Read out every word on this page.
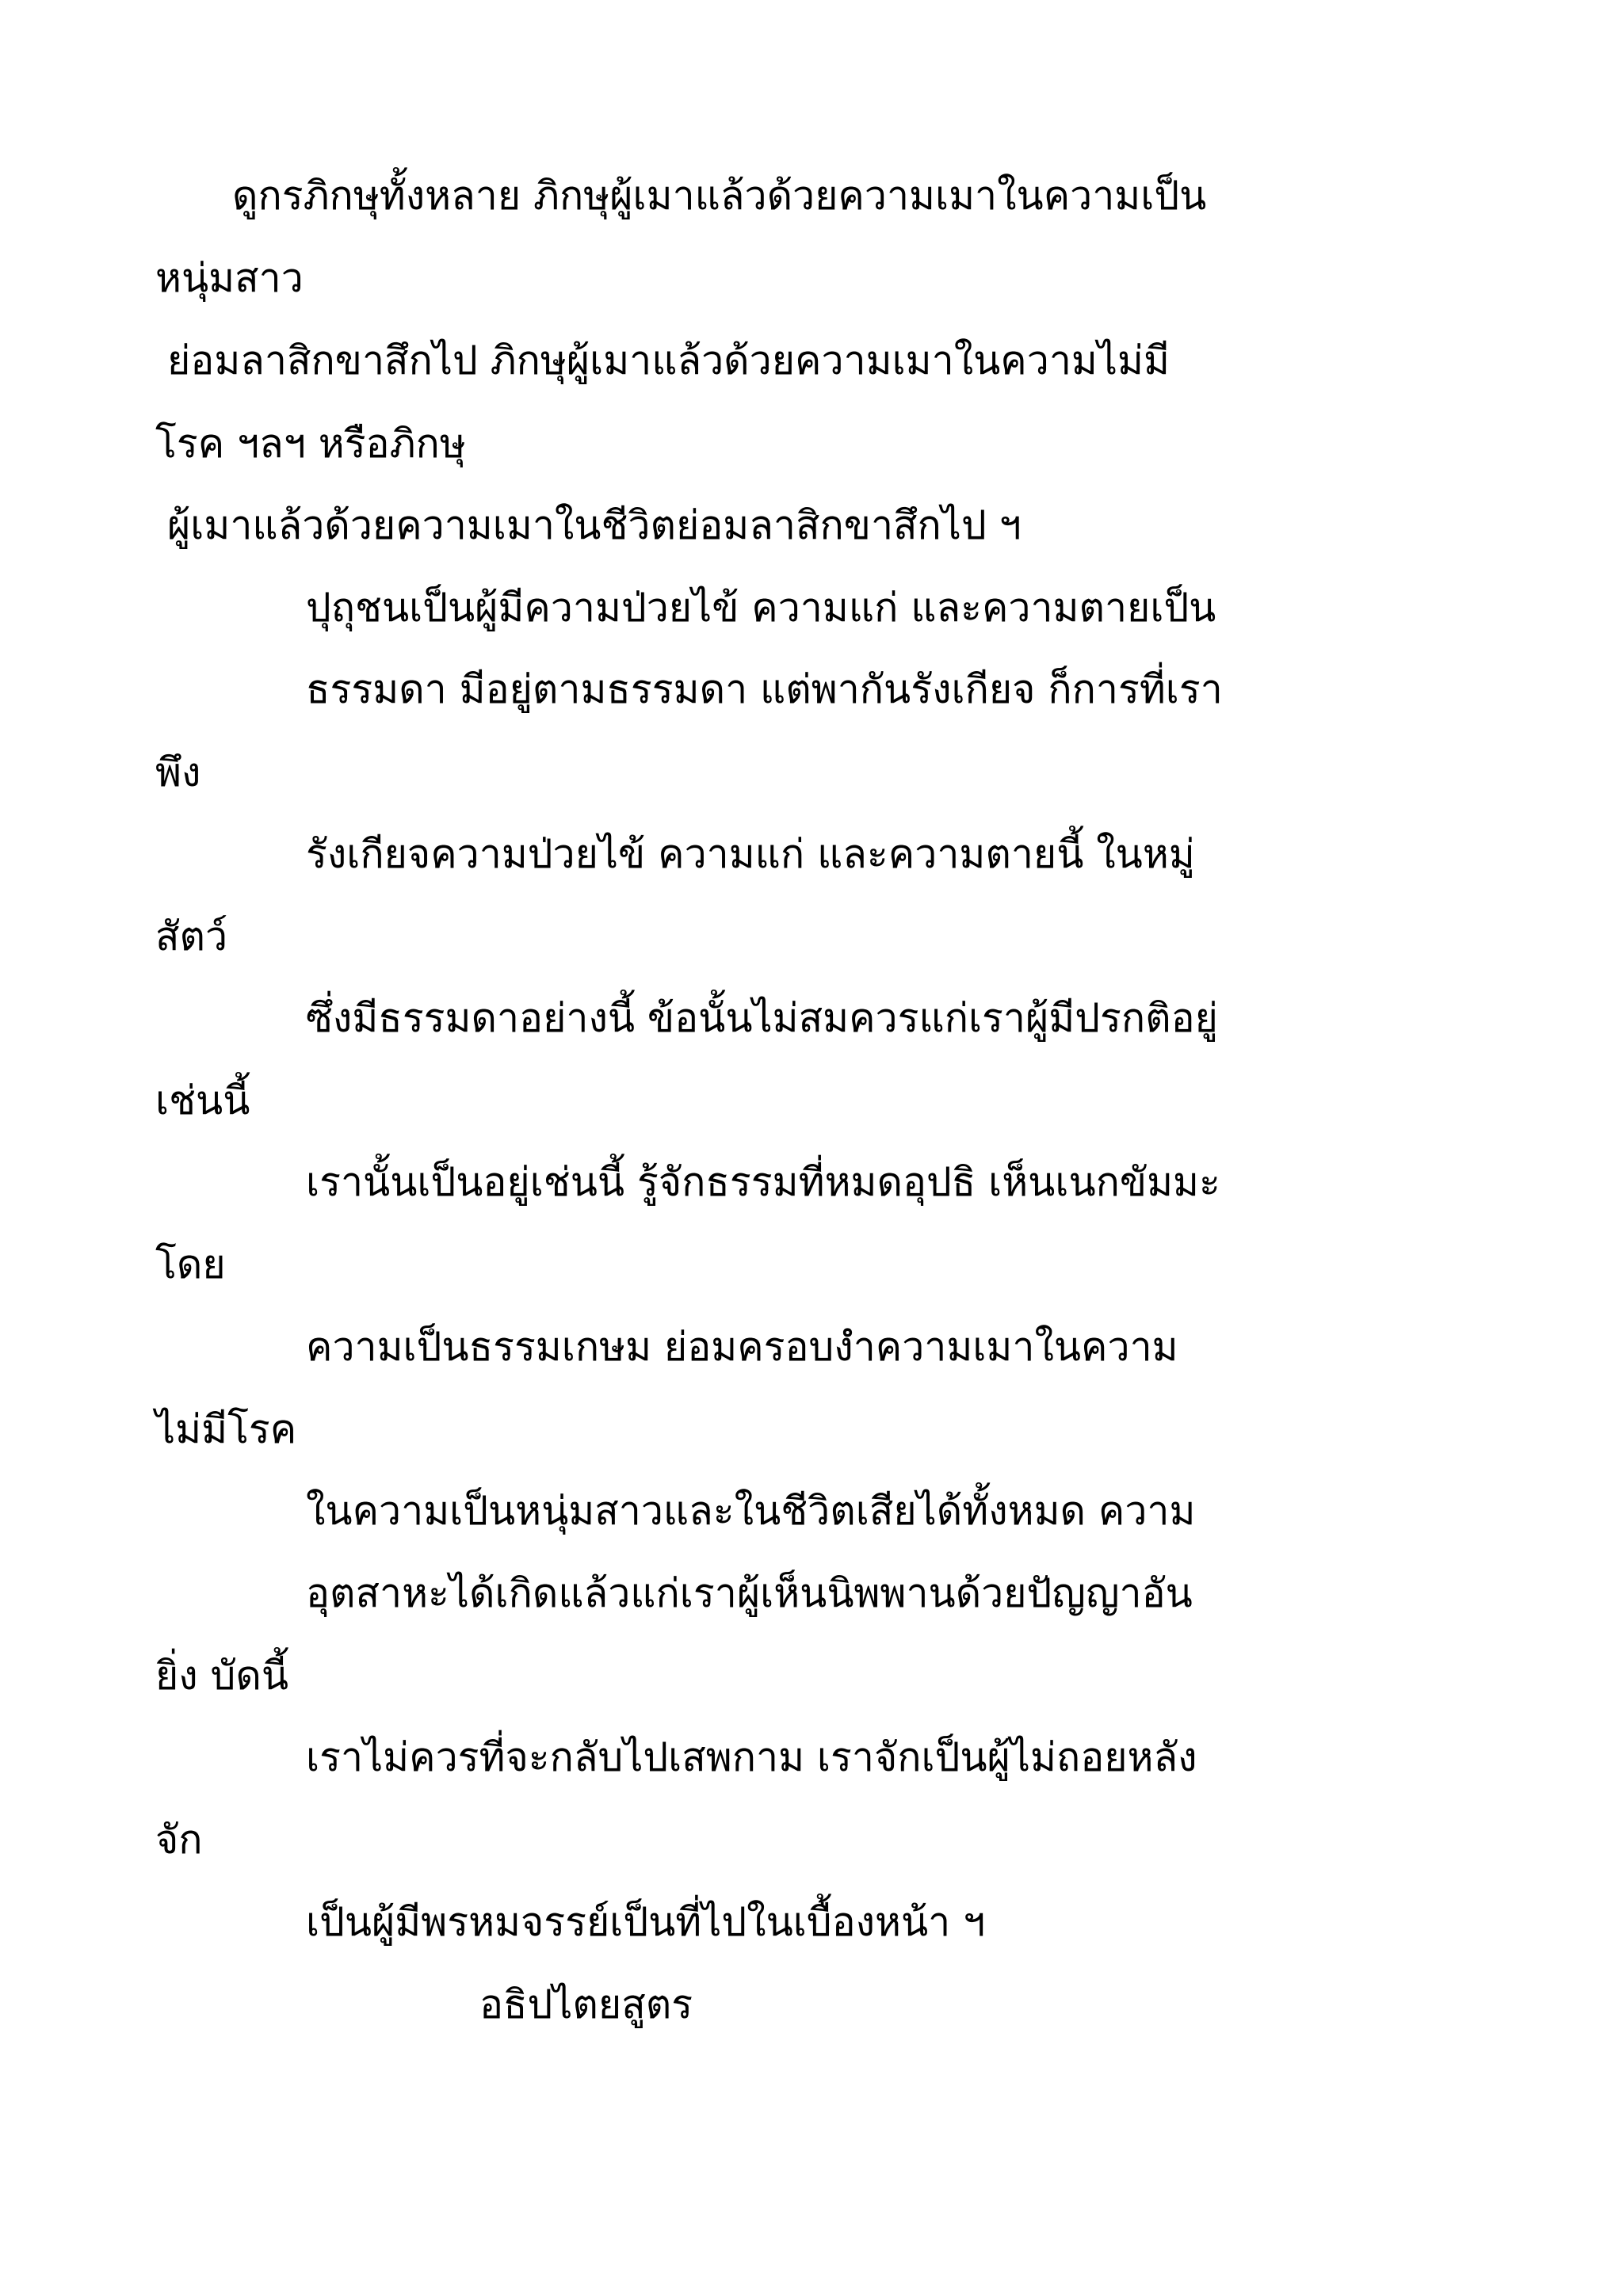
ดูกรภิกษุทั้งหลาย ภิกษุผู้เมาแล้วด้วยความเมาในความเป็น
หนุ่มสาว
ย่อมลาสิกขาสึกไป ภิกษุผู้เมาแล้วด้วยความเมาในความไม่มี
โรค ฯลฯ หรือภิกษุ
ผู้เมาแล้วด้วยความเมาในชีวิตย่อมลาสิกขาสึกไป ฯ
ปุถุชนเป็นผู้มีความป่วยไข้ ความแก่ และความตายเป็น
ธรรมดา มีอยู่ตามธรรมดา แต่พากันรังเกียจ ก็การที่เรา
พึง
รังเกียจความป่วยไข้ ความแก่ และความตายนี้ ในหมู่
สัตว์
ซึ่งมีธรรมดาอย่างนี้ ข้อนั้นไม่สมควรแก่เราผู้มีปรกติอยู่
เช่นนี้
เรานั้นเป็นอยู่เช่นนี้ รู้จักธรรมที่หมดอุปธิ เห็นเนกขัมมะ
โดย
ความเป็นธรรมเกษม ย่อมครอบงำความเมาในความ
ไม่มีโรค
ในความเป็นหนุ่มสาวและในชีวิตเสียได้ทั้งหมด ความ
อุตสาหะได้เกิดแล้วแก่เราผู้เห็นนิพพานด้วยปัญญาอัน
ยิ่ง บัดนี้
เราไม่ควรที่จะกลับไปเสพกาม เราจักเป็นผู้ไม่ถอยหลัง
จัก
เป็นผู้มีพรหมจรรย์เป็นที่ไปในเบื้องหน้า ฯ
อธิปไตยสูตร
